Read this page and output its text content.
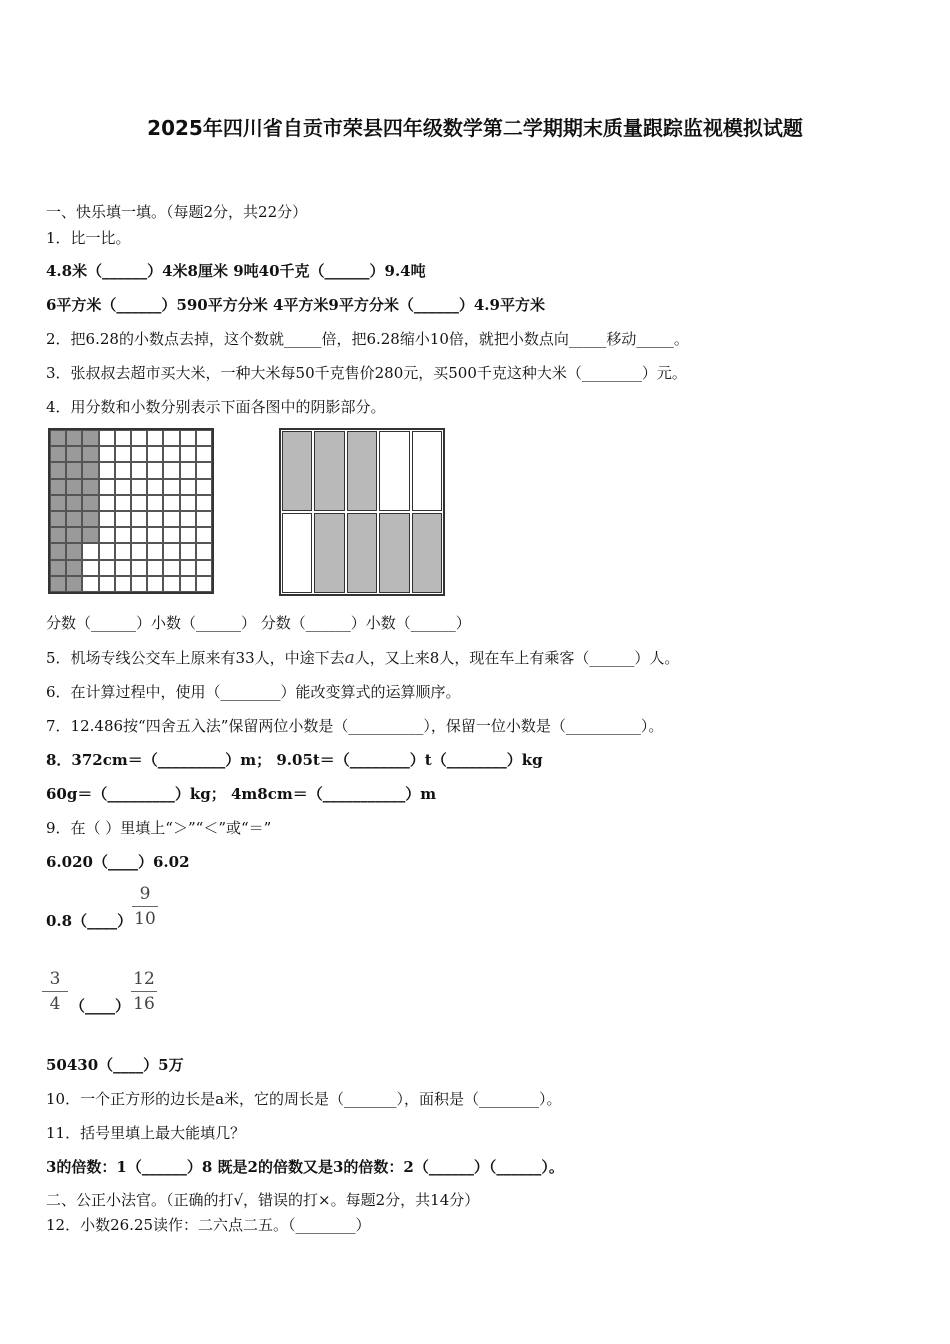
2025年四川省自贡市荣县四年级数学第二学期期末质量跟踪监视模拟试题
一、快乐填一填。（每题2分，共22分）
1．比一比。
4.8米（______）4米8厘米 9吨40千克（______）9.4吨
6平方米（______）590平方分米 4平方米9平方分米（______）4.9平方米
2．把6.28的小数点去掉，这个数就_____倍，把6.28缩小10倍，就把小数点向_____移动_____。
3．张叔叔去超市买大米，一种大米每50千克售价280元，买500千克这种大米（________）元。
4．用分数和小数分别表示下面各图中的阴影部分。
分数（______）小数（______） 分数（______）小数（______）
5．机场专线公交车上原来有33人，中途下去a人，又上来8人，现在车上有乘客（______）人。
6．在计算过程中，使用（________）能改变算式的运算顺序。
7．12.486按“四舍五入法”保留两位小数是（__________），保留一位小数是（__________）。
8．372cm＝（_________）m； 9.05t＝（________）t（________）kg
60g＝（_________）kg； 4m8cm＝（___________）m
9．在（ ）里填上“＞”“＜”或“＝”
6.020（____）6.02
0.8（____）
9
10
3
4 （____）
12
16
50430（____）5万
10．一个正方形的边长是a米，它的周长是（_______），面积是（________）。
11．括号里填上最大能填几？
3的倍数：1（______）8 既是2的倍数又是3的倍数：2（______）（______）。
二、公正小法官。（正确的打√，错误的打×。每题2分，共14分）
12．小数26.25读作：二六点二五。（________）
